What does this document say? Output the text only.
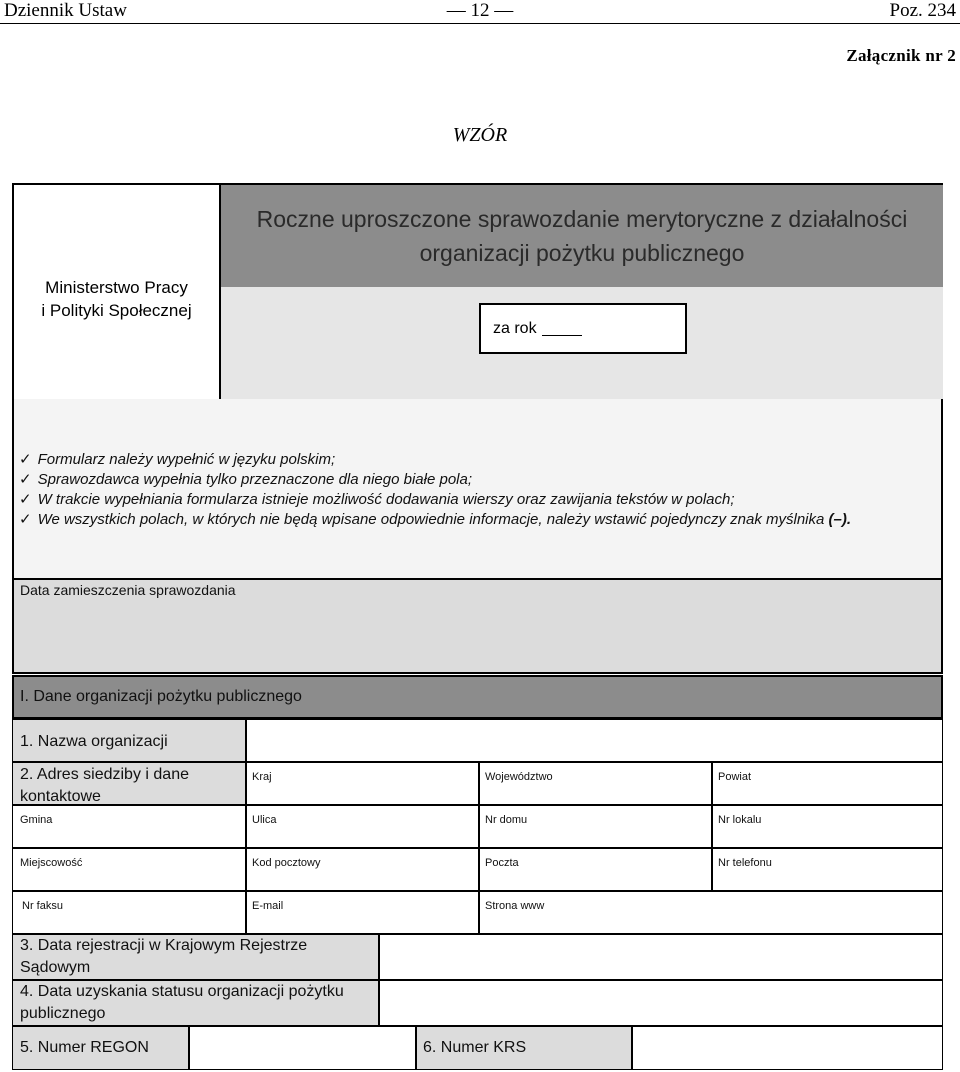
Dziennik Ustaw	— 12 —	Poz. 234
Załącznik nr 2
WZÓR
Ministerstwo Pracy
i Polityki Społecznej
Roczne uproszczone sprawozdanie merytoryczne z działalności
organizacji pożytku publicznego
za rok
✓ Formularz należy wypełnić w języku polskim;
✓ Sprawozdawca wypełnia tylko przeznaczone dla niego białe pola;
✓ W trakcie wypełniania formularza istnieje możliwość dodawania wierszy oraz zawijania tekstów w polach;
✓ We wszystkich polach, w których nie będą wpisane odpowiednie informacje, należy wstawić pojedynczy znak myślnika (–).
Data zamieszczenia sprawozdania
I. Dane organizacji pożytku publicznego
1. Nazwa organizacji
2. Adres siedziby i dane
kontaktowe
Kraj	Województwo	Powiat
Gmina	Ulica	Nr domu	Nr lokalu
Miejscowość	Kod pocztowy	Poczta	Nr telefonu
Nr faksu	E-mail	Strona www
3. Data rejestracji w Krajowym Rejestrze
Sądowym
4. Data uzyskania statusu organizacji pożytku
publicznego
5. Numer REGON	6. Numer KRS
